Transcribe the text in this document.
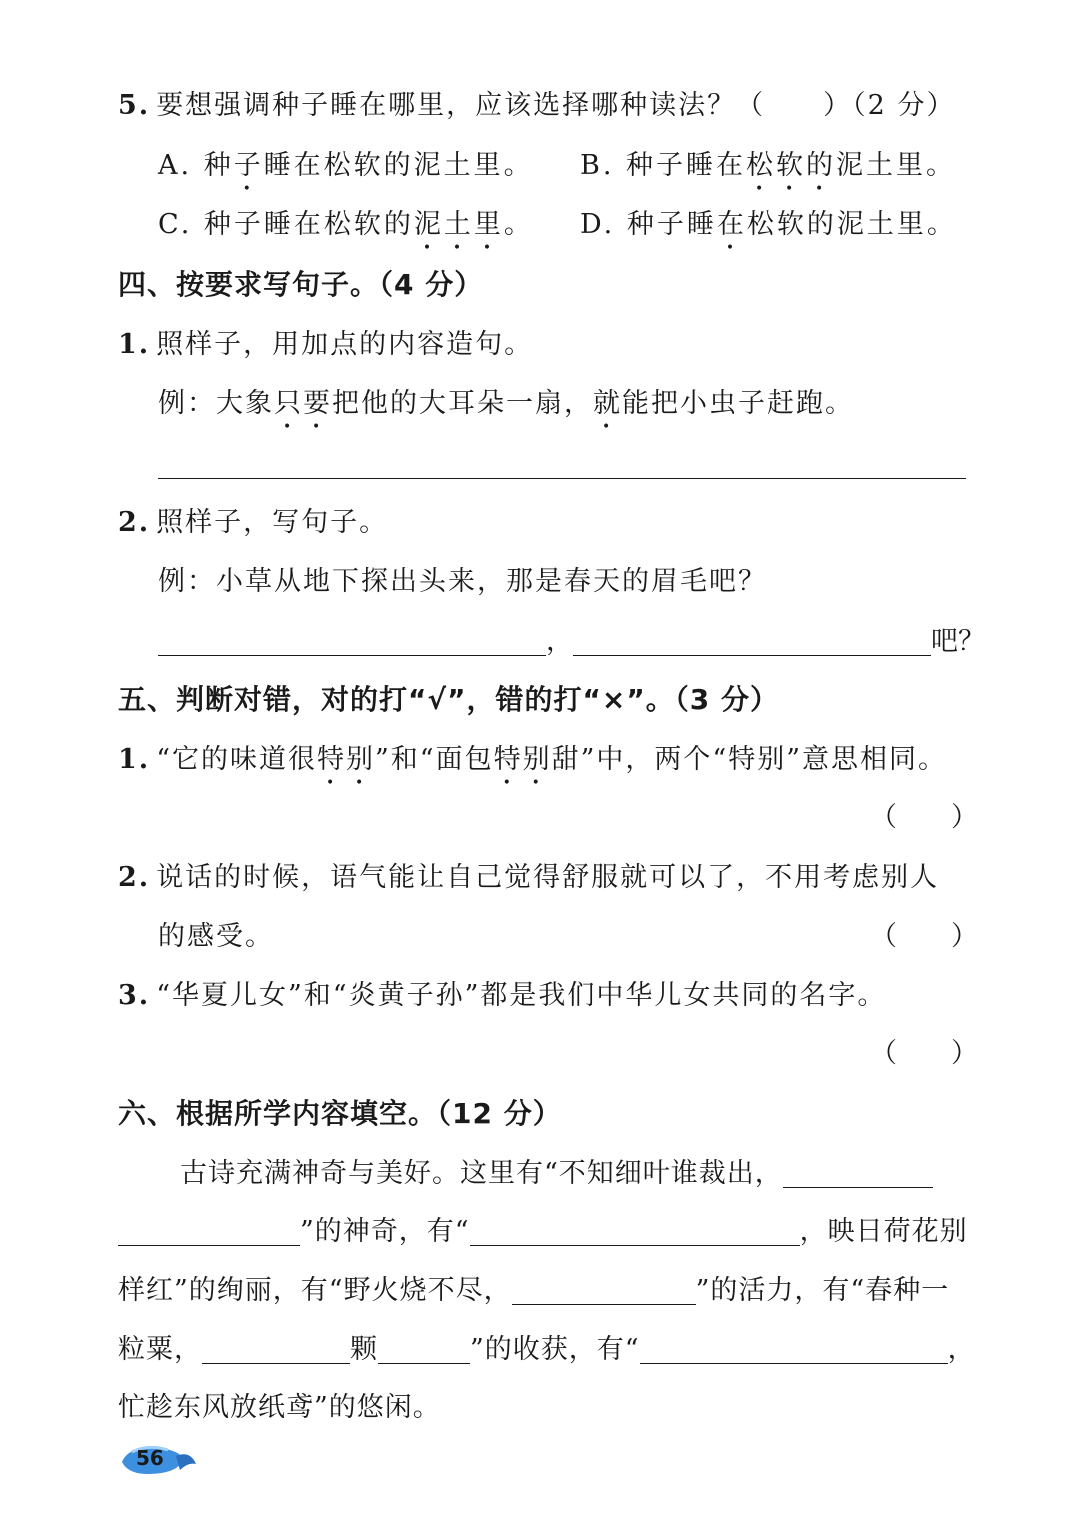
5. 要想强调种子睡在哪里，应该选择哪种读法？（　　）（2 分）
A. 种子睡在松软的泥土里。 B. 种子睡在松软的泥土里。
C. 种子睡在松软的泥土里。 D. 种子睡在松软的泥土里。
四、按要求写句子。（4 分）
1. 照样子，用加点的内容造句。
例：大象只要把他的大耳朵一扇，就能把小虫子赶跑。
2. 照样子，写句子。
例：小草从地下探出头来，那是春天的眉毛吧？
，	吧？
五、判断对错，对的打“√”，错的打“×”。（3 分）
1. “它的味道很特别”和“面包特别甜”中，两个“特别”意思相同。
（　　）
2. 说话的时候，语气能让自己觉得舒服就可以了，不用考虑别人
的感受。	（　　）
3. “华夏儿女”和“炎黄子孙”都是我们中华儿女共同的名字。
（　　）
六、根据所学内容填空。（12 分）
古诗充满神奇与美好。这里有“不知细叶谁裁出，
”的神奇，有“	，映日荷花别
样红”的绚丽，有“野火烧不尽，	”的活力，有“春种一
粒粟，	颗	”的收获，有“	，
忙趁东风放纸鸢”的悠闲。
56
